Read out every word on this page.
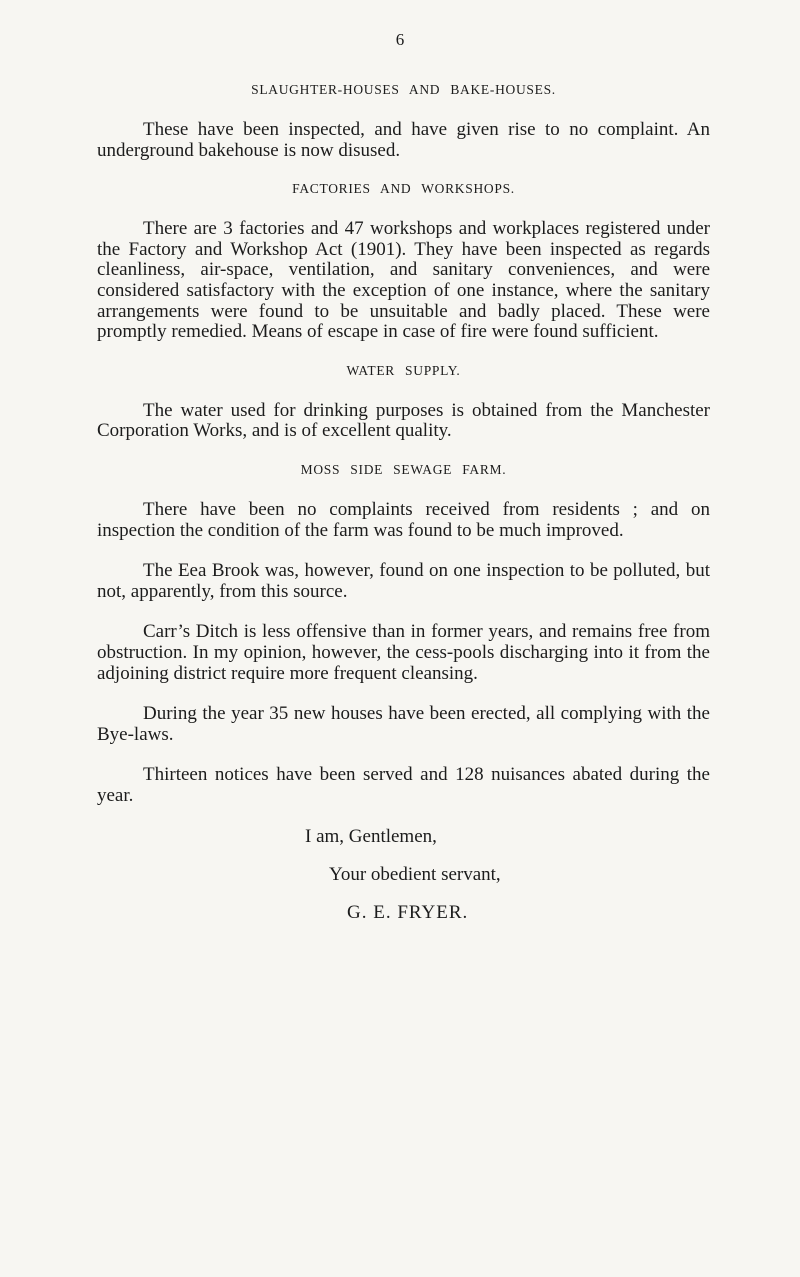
6
SLAUGHTER-HOUSES AND BAKE-HOUSES.

These have been inspected, and have given rise to no complaint. An underground bakehouse is now disused.

FACTORIES AND WORKSHOPS.

There are 3 factories and 47 workshops and workplaces registered under the Factory and Workshop Act (1901). They have been inspected as regards cleanliness, air-space, ventilation, and sanitary conveniences, and were considered satisfactory with the exception of one instance, where the sanitary arrangements were found to be unsuitable and badly placed. These were promptly remedied. Means of escape in case of fire were found sufficient.

WATER SUPPLY.

The water used for drinking purposes is obtained from the Manchester Corporation Works, and is of excellent quality.

MOSS SIDE SEWAGE FARM.

There have been no complaints received from residents ; and on inspection the condition of the farm was found to be much improved.

The Eea Brook was, however, found on one inspection to be polluted, but not, apparently, from this source.

Carr’s Ditch is less offensive than in former years, and remains free from obstruction. In my opinion, however, the cess-pools discharging into it from the adjoining district require more frequent cleansing.

During the year 35 new houses have been erected, all complying with the Bye-laws.

Thirteen notices have been served and 128 nuisances abated during the year.

I am, Gentlemen,
Your obedient servant,
G. E. FRYER.
